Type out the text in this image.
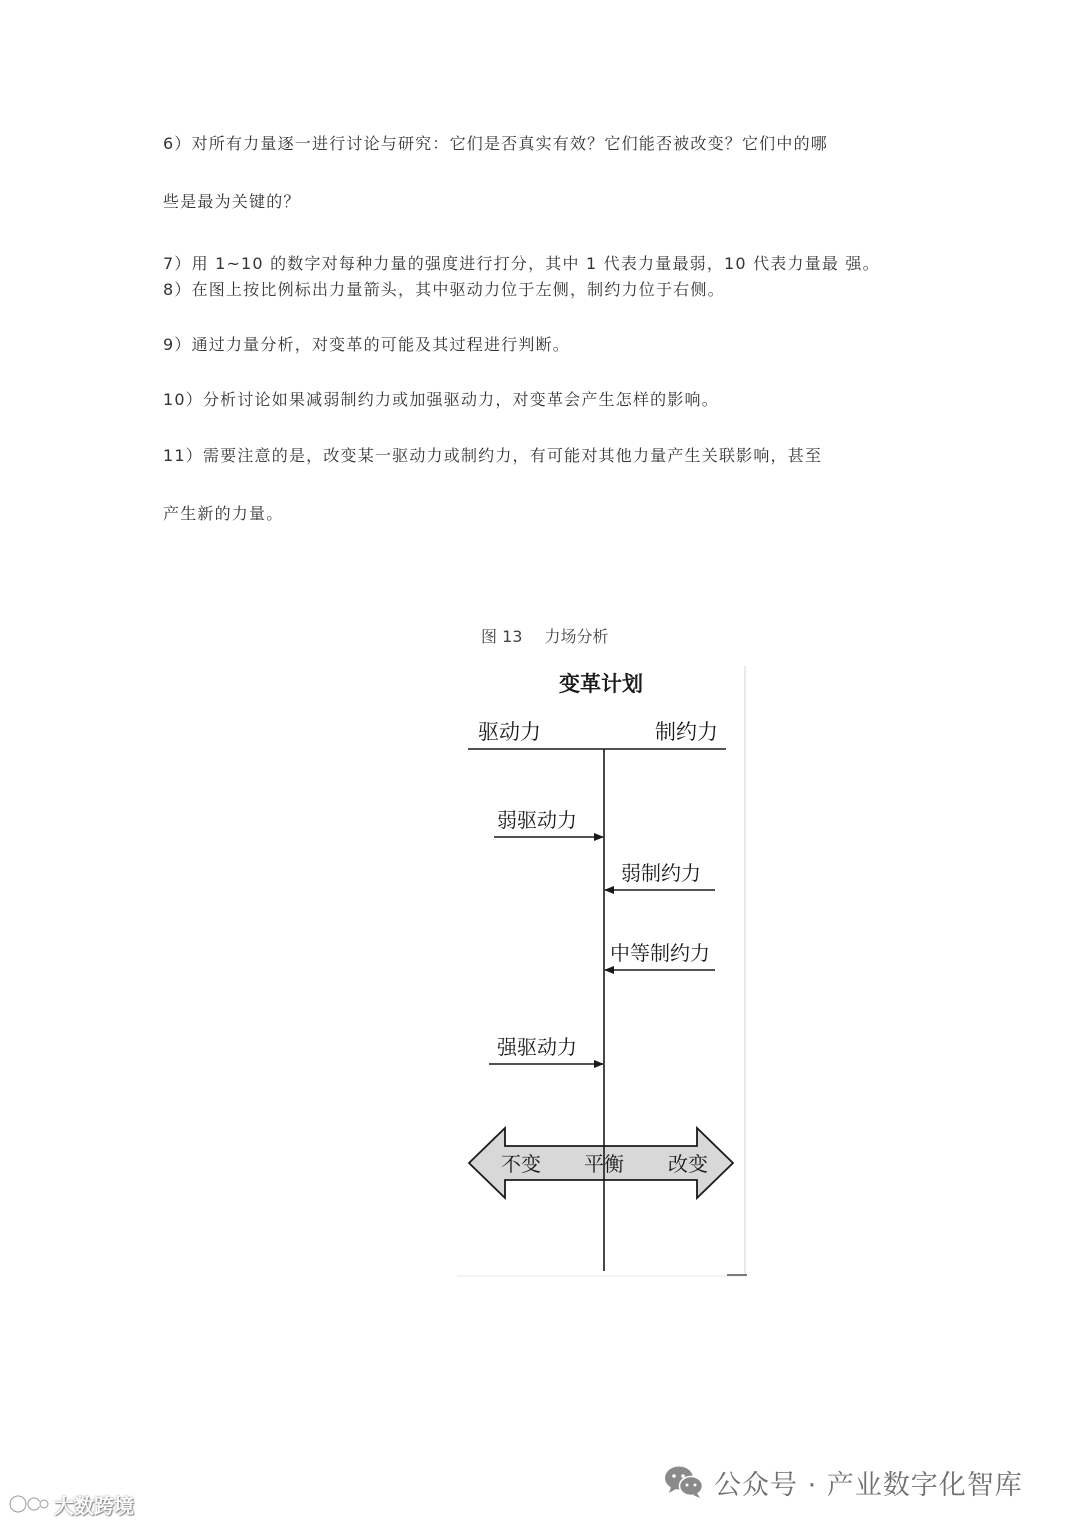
6）对所有力量逐一进行讨论与研究：它们是否真实有效？它们能否被改变？它们中的哪
些是最为关键的？
7）用 1~10 的数字对每种力量的强度进行打分，其中 1 代表力量最弱，10 代表力量最 强。
8）在图上按比例标出力量箭头，其中驱动力位于左侧，制约力位于右侧。
9）通过力量分析，对变革的可能及其过程进行判断。
10）分析讨论如果减弱制约力或加强驱动力，对变革会产生怎样的影响。
11）需要注意的是，改变某一驱动力或制约力，有可能对其他力量产生关联影响，甚至
产生新的力量。
图 13 力场分析
变革计划
驱动力	制约力
弱驱动力
弱制约力
中等制约力
强驱动力
不变 平衡 改变
公众号 · 产业数字化智库
大数跨境
